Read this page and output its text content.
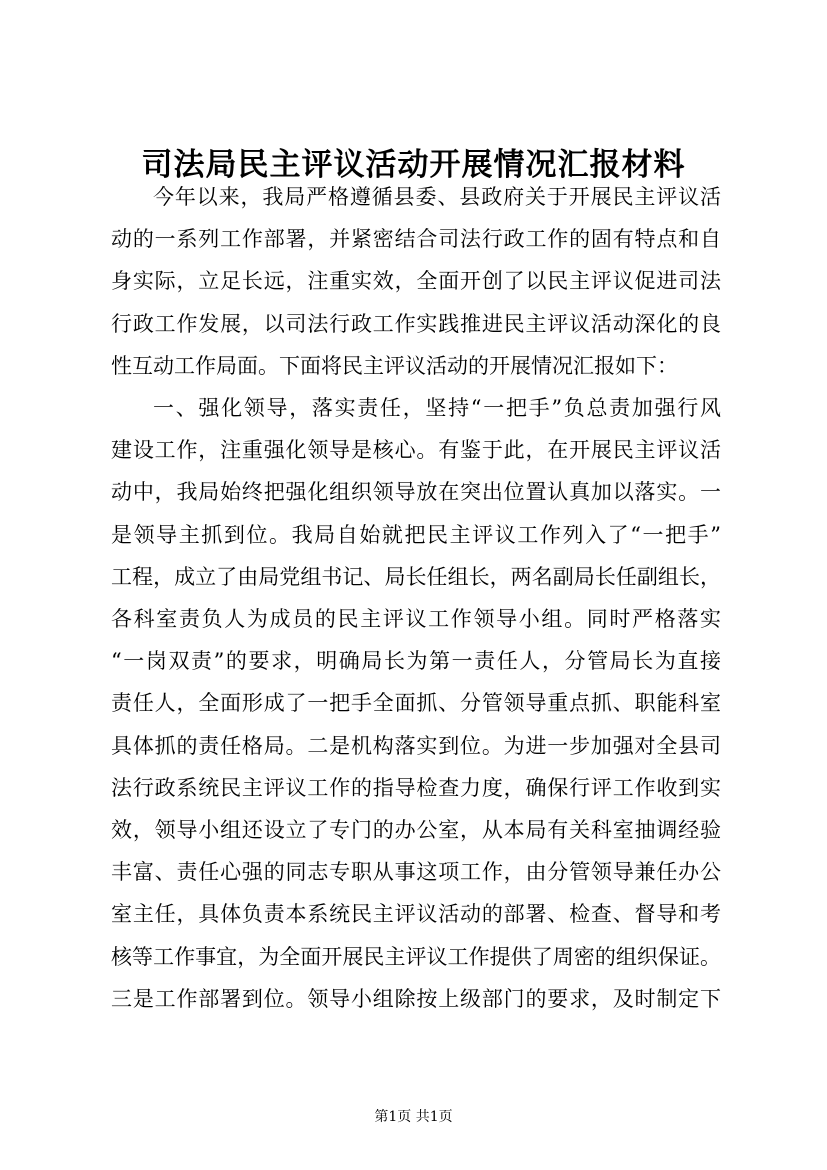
司法局民主评议活动开展情况汇报材料
今年以来，我局严格遵循县委、县政府关于开展民主评议活
动的一系列工作部署，并紧密结合司法行政工作的固有特点和自
身实际，立足长远，注重实效，全面开创了以民主评议促进司法
行政工作发展，以司法行政工作实践推进民主评议活动深化的良
性互动工作局面。下面将民主评议活动的开展情况汇报如下：
一、强化领导，落实责任，坚持“一把手”负总责加强行风
建设工作，注重强化领导是核心。有鉴于此，在开展民主评议活
动中，我局始终把强化组织领导放在突出位置认真加以落实。一
是领导主抓到位。我局自始就把民主评议工作列入了“一把手”
工程，成立了由局党组书记、局长任组长，两名副局长任副组长，
各科室责负人为成员的民主评议工作领导小组。同时严格落实
“一岗双责”的要求，明确局长为第一责任人，分管局长为直接
责任人，全面形成了一把手全面抓、分管领导重点抓、职能科室
具体抓的责任格局。二是机构落实到位。为进一步加强对全县司
法行政系统民主评议工作的指导检查力度，确保行评工作收到实
效，领导小组还设立了专门的办公室，从本局有关科室抽调经验
丰富、责任心强的同志专职从事这项工作，由分管领导兼任办公
室主任，具体负责本系统民主评议活动的部署、检查、督导和考
核等工作事宜，为全面开展民主评议工作提供了周密的组织保证。
三是工作部署到位。领导小组除按上级部门的要求，及时制定下
第1页 共1页
